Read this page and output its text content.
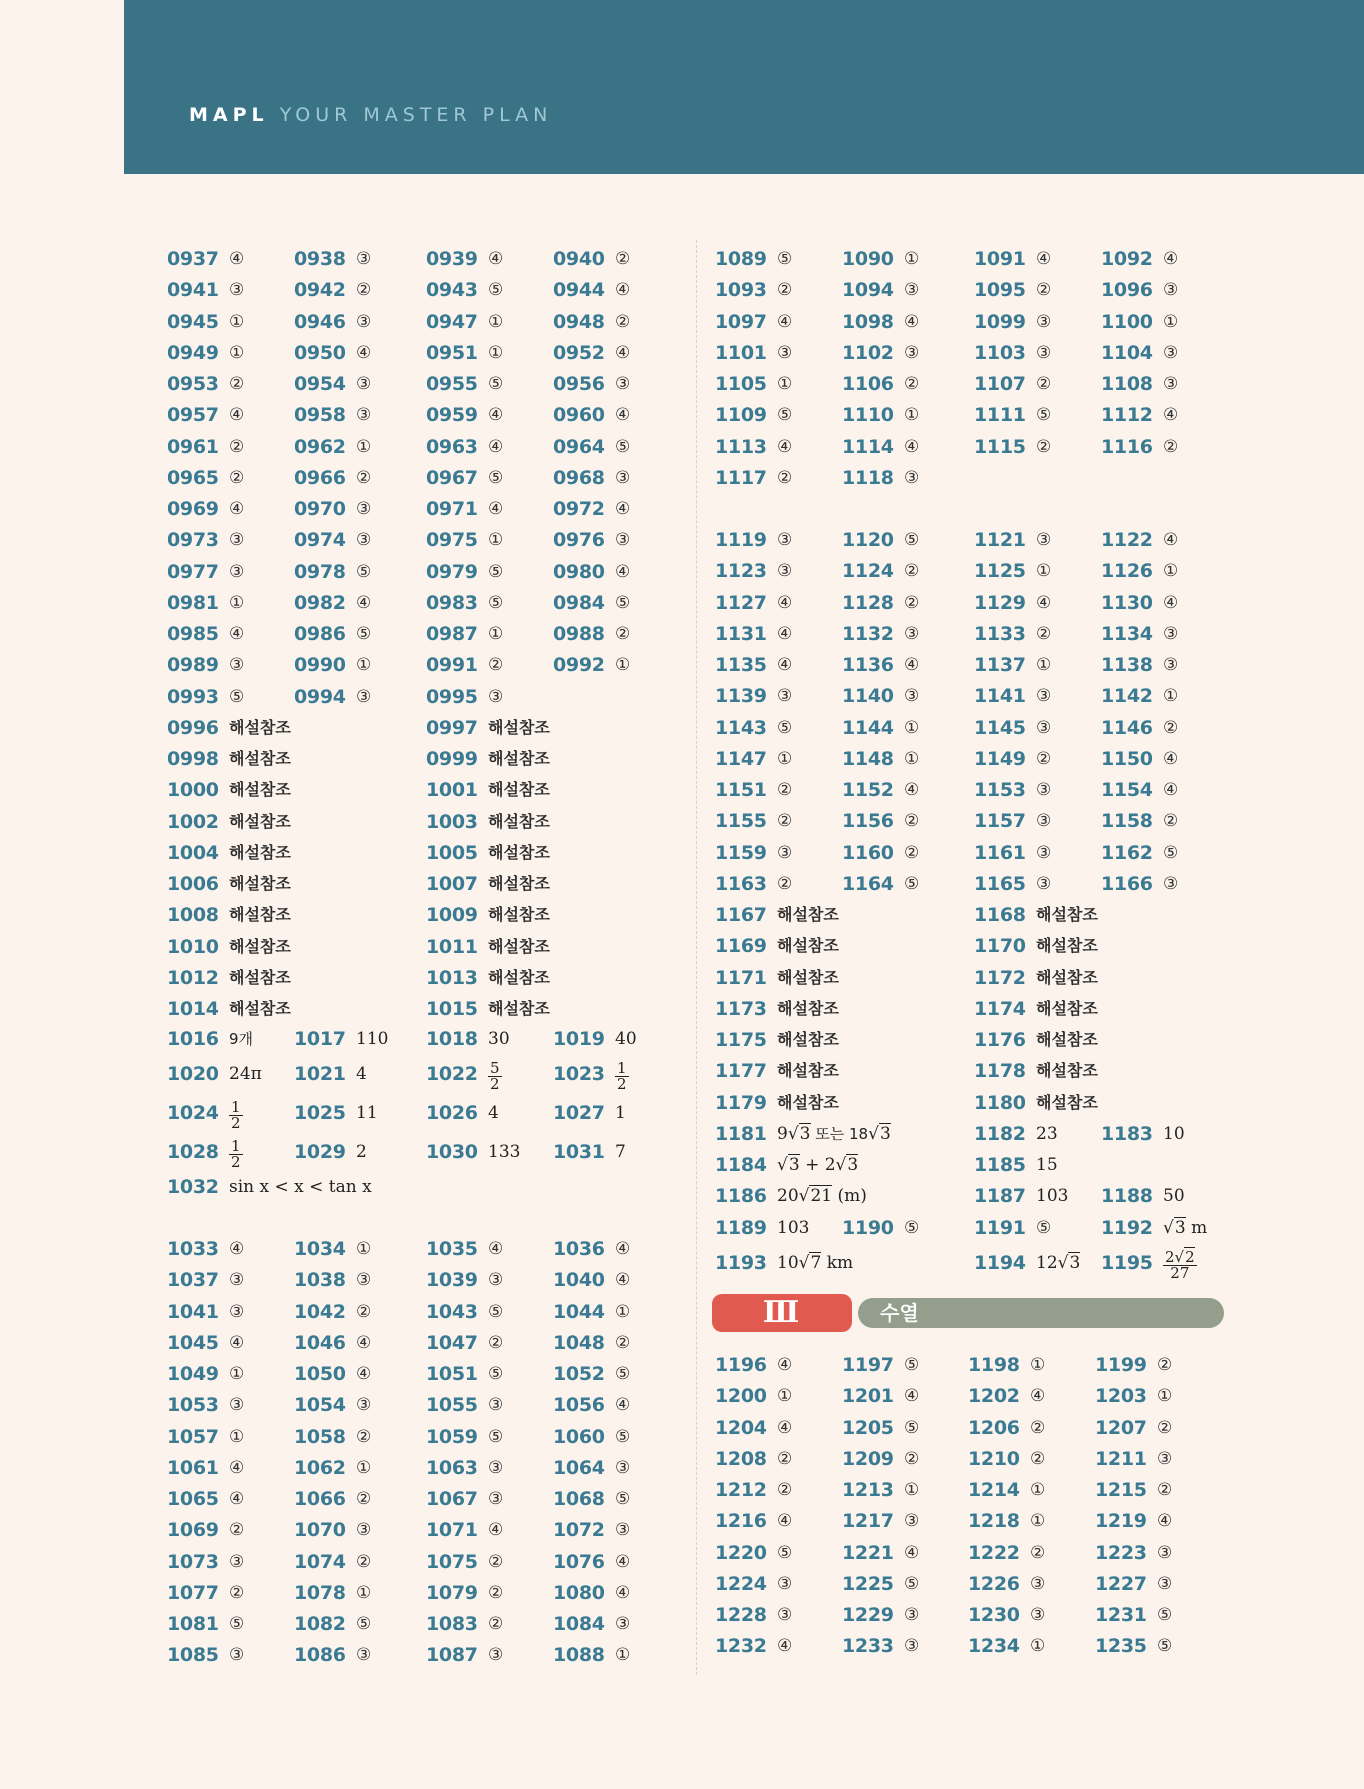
MAPL YOUR MASTER PLAN
0937 ④	0938 ③	0939 ④	0940 ②
0941 ③	0942 ②	0943 ⑤	0944 ④
0945 ①	0946 ③	0947 ①	0948 ②
0949 ①	0950 ④	0951 ①	0952 ④
0953 ②	0954 ③	0955 ⑤	0956 ③
0957 ④	0958 ③	0959 ④	0960 ④
0961 ②	0962 ①	0963 ④	0964 ⑤
0965 ②	0966 ②	0967 ⑤	0968 ③
0969 ④	0970 ③	0971 ④	0972 ④
0973 ③	0974 ③	0975 ①	0976 ③
0977 ③	0978 ⑤	0979 ⑤	0980 ④
0981 ①	0982 ④	0983 ⑤	0984 ⑤
0985 ④	0986 ⑤	0987 ①	0988 ②
0989 ③	0990 ①	0991 ②	0992 ①
0993 ⑤	0994 ③	0995 ③
0996 해설참조	0997 해설참조
0998 해설참조	0999 해설참조
1000 해설참조	1001 해설참조
1002 해설참조	1003 해설참조
1004 해설참조	1005 해설참조
1006 해설참조	1007 해설참조
1008 해설참조	1009 해설참조
1010 해설참조	1011 해설참조
1012 해설참조	1013 해설참조
1014 해설참조	1015 해설참조
1016 9개 1017 110 1018 30 1019 40
1020 24π 1021 4	$1022 \frac{5}{2}$	$1023 \frac{1}{2}$
$1024 \frac{1}{2}$	1025 11	1026 4	1027 1
$1028 \frac{1}{2}$	1029 2	1030 133 1031 7
1032 sin x < x < tan x
1033 ④	1034 ①	1035 ④	1036 ④
1037 ③	1038 ③	1039 ③	1040 ④
1041 ③	1042 ②	1043 ⑤	1044 ①
1045 ④	1046 ④	1047 ②	1048 ②
1049 ①	1050 ④	1051 ⑤	1052 ⑤
1053 ③	1054 ③	1055 ③	1056 ④
1057 ①	1058 ②	1059 ⑤	1060 ⑤
1061 ④	1062 ①	1063 ③	1064 ③
1065 ④	1066 ②	1067 ③	1068 ⑤
1069 ②	1070 ③	1071 ④	1072 ③
1073 ③	1074 ②	1075 ②	1076 ④
1077 ②	1078 ①	1079 ②	1080 ④
1081 ⑤	1082 ⑤	1083 ②	1084 ③
1085 ③	1086 ③	1087 ③	1088 ①
1089 ⑤	1090 ①	1091 ④	1092 ④
1093 ②	1094 ③	1095 ②	1096 ③
1097 ④	1098 ④	1099 ③	1100 ①
1101 ③	1102 ③	1103 ③	1104 ③
1105 ①	1106 ②	1107 ②	1108 ③
1109 ⑤	1110 ①	1111 ⑤	1112 ④
1113 ④	1114 ④	1115 ②	1116 ②
1117 ②	1118 ③
1119 ③	1120 ⑤	1121 ③	1122 ④
1123 ③	1124 ②	1125 ①	1126 ①
1127 ④	1128 ②	1129 ④	1130 ④
1131 ④	1132 ③	1133 ②	1134 ③
1135 ④	1136 ④	1137 ①	1138 ③
1139 ③	1140 ③	1141 ③	1142 ①
1143 ⑤	1144 ①	1145 ③	1146 ②
1147 ①	1148 ①	1149 ②	1150 ④
1151 ②	1152 ④	1153 ③	1154 ④
1155 ②	1156 ②	1157 ③	1158 ②
1159 ③	1160 ②	1161 ③	1162 ⑤
1163 ②	1164 ⑤	1165 ③	1166 ③
1167 해설참조	1168 해설참조
1169 해설참조	1170 해설참조
1171 해설참조	1172 해설참조
1173 해설참조	1174 해설참조
1175 해설참조	1176 해설참조
1177 해설참조	1178 해설참조
1179 해설참조	1180 해설참조
1181 9√3 또는 18√3	1182 23 1183 10
1184 √3 + 2√3	1185 15
1186 20√21 (m)	1187 103 1188 50
1189 103 1190 ⑤	1191 ⑤	1192 √3 m
1193 10√7 km	1194 12√3 $1195 \frac{2√2}{27}$
1196 ④	1197 ⑤	1198 ①	1199 ②
1200 ①	1201 ④	1202 ④	1203 ①
1204 ④	1205 ⑤	1206 ②	1207 ②
1208 ②	1209 ②	1210 ②	1211 ③
1212 ②	1213 ①	1214 ①	1215 ②
1216 ④	1217 ③	1218 ①	1219 ④
1220 ⑤	1221 ④	1222 ②	1223 ③
1224 ③	1225 ⑤	1226 ③	1227 ③
1228 ③	1229 ③	1230 ③	1231 ⑤
1232 ④	1233 ③	1234 ①	1235 ⑤
Ⅲ	수열
